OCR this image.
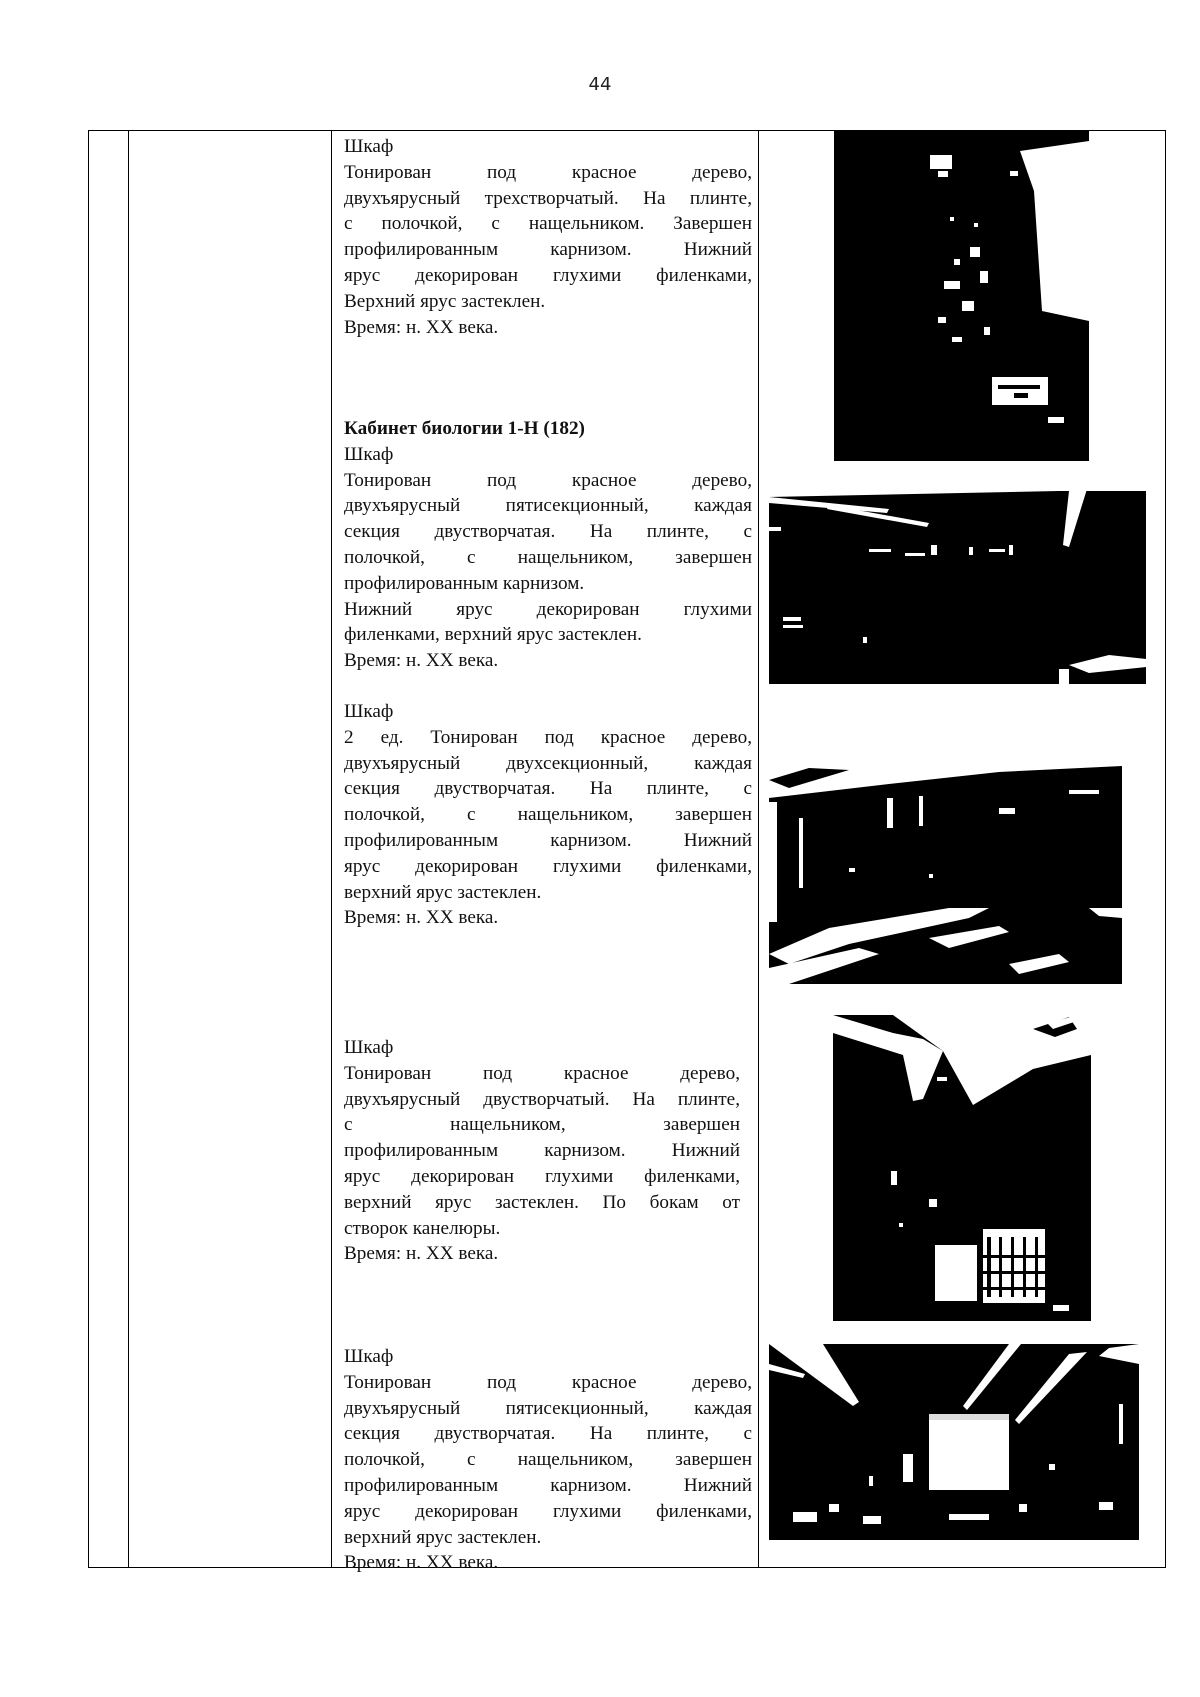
44
Шкаф
Тонирован под красное дерево,
двухъярусный трехстворчатый. На плинте,
с полочкой, с нащельником. Завершен
профилированным карнизом. Нижний
ярус декорирован глухими филенками,
Верхний ярус застеклен.
Время: н. XX века.
Кабинет биологии 1-Н (182)
Шкаф
Тонирован под красное дерево,
двухъярусный пятисекционный, каждая
секция двустворчатая. На плинте, с
полочкой, с нащельником, завершен
профилированным карнизом.
Нижний ярус декорирован глухими
филенками, верхний ярус застеклен.
Время: н. XX века.
Шкаф
2 ед. Тонирован под красное дерево,
двухъярусный двухсекционный, каждая
секция двустворчатая. На плинте, с
полочкой, с нащельником, завершен
профилированным карнизом. Нижний
ярус декорирован глухими филенками,
верхний ярус застеклен.
Время: н. XX века.
Шкаф
Тонирован под красное дерево,
двухъярусный двустворчатый. На плинте,
с нащельником, завершен
профилированным карнизом. Нижний
ярус декорирован глухими филенками,
верхний ярус застеклен. По бокам от
створок канелюры.
Время: н. XX века.
Шкаф
Тонирован под красное дерево,
двухъярусный пятисекционный, каждая
секция двустворчатая. На плинте, с
полочкой, с нащельником, завершен
профилированным карнизом. Нижний
ярус декорирован глухими филенками,
верхний ярус застеклен.
Время: н. XX века.
